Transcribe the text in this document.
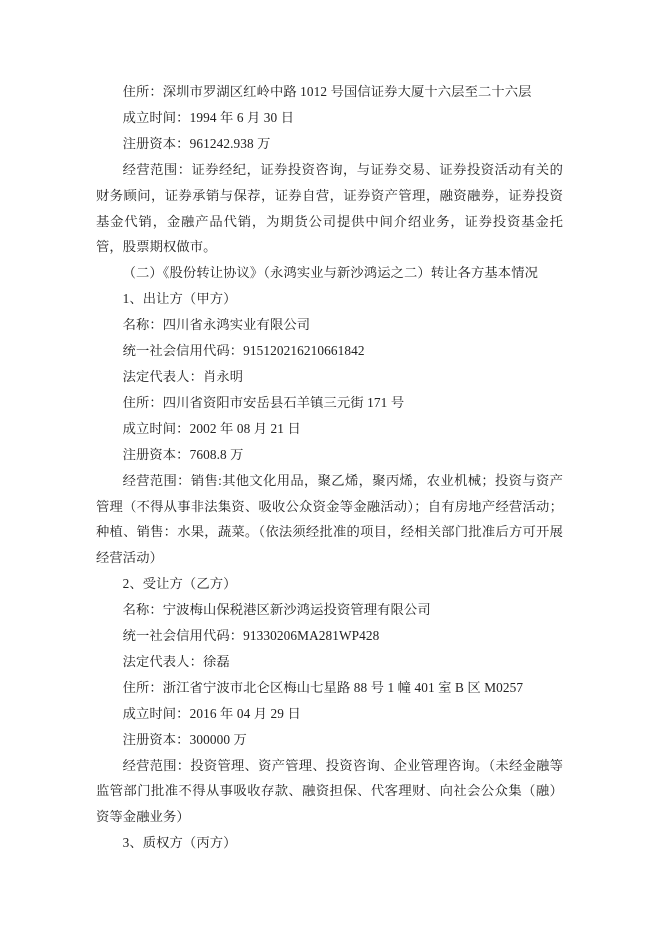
住所：深圳市罗湖区红岭中路 1012 号国信证券大厦十六层至二十六层

成立时间：1994 年 6 月 30 日

注册资本：961242.938 万

经营范围：证券经纪，证券投资咨询，与证券交易、证券投资活动有关的财务顾问，证券承销与保荐，证券自营，证券资产管理，融资融券，证券投资基金代销，金融产品代销，为期货公司提供中间介绍业务，证券投资基金托管，股票期权做市。

（二）《股份转让协议》（永鸿实业与新沙鸿运之二）转让各方基本情况

1、出让方（甲方）

名称：四川省永鸿实业有限公司

统一社会信用代码：915120216210661842

法定代表人：肖永明

住所：四川省资阳市安岳县石羊镇三元街 171 号

成立时间：2002 年 08 月 21 日

注册资本：7608.8 万

经营范围：销售:其他文化用品，聚乙烯，聚丙烯，农业机械；投资与资产管理（不得从事非法集资、吸收公众资金等金融活动）；自有房地产经营活动；种植、销售：水果，蔬菜。（依法须经批准的项目，经相关部门批准后方可开展经营活动）

2、受让方（乙方）

名称：宁波梅山保税港区新沙鸿运投资管理有限公司

统一社会信用代码：91330206MA281WP428

法定代表人：徐磊

住所：浙江省宁波市北仑区梅山七星路 88 号 1 幢 401 室 B 区 M0257

成立时间：2016 年 04 月 29 日

注册资本：300000 万

经营范围：投资管理、资产管理、投资咨询、企业管理咨询。（未经金融等监管部门批准不得从事吸收存款、融资担保、代客理财、向社会公众集（融）资等金融业务）

3、质权方（丙方）
